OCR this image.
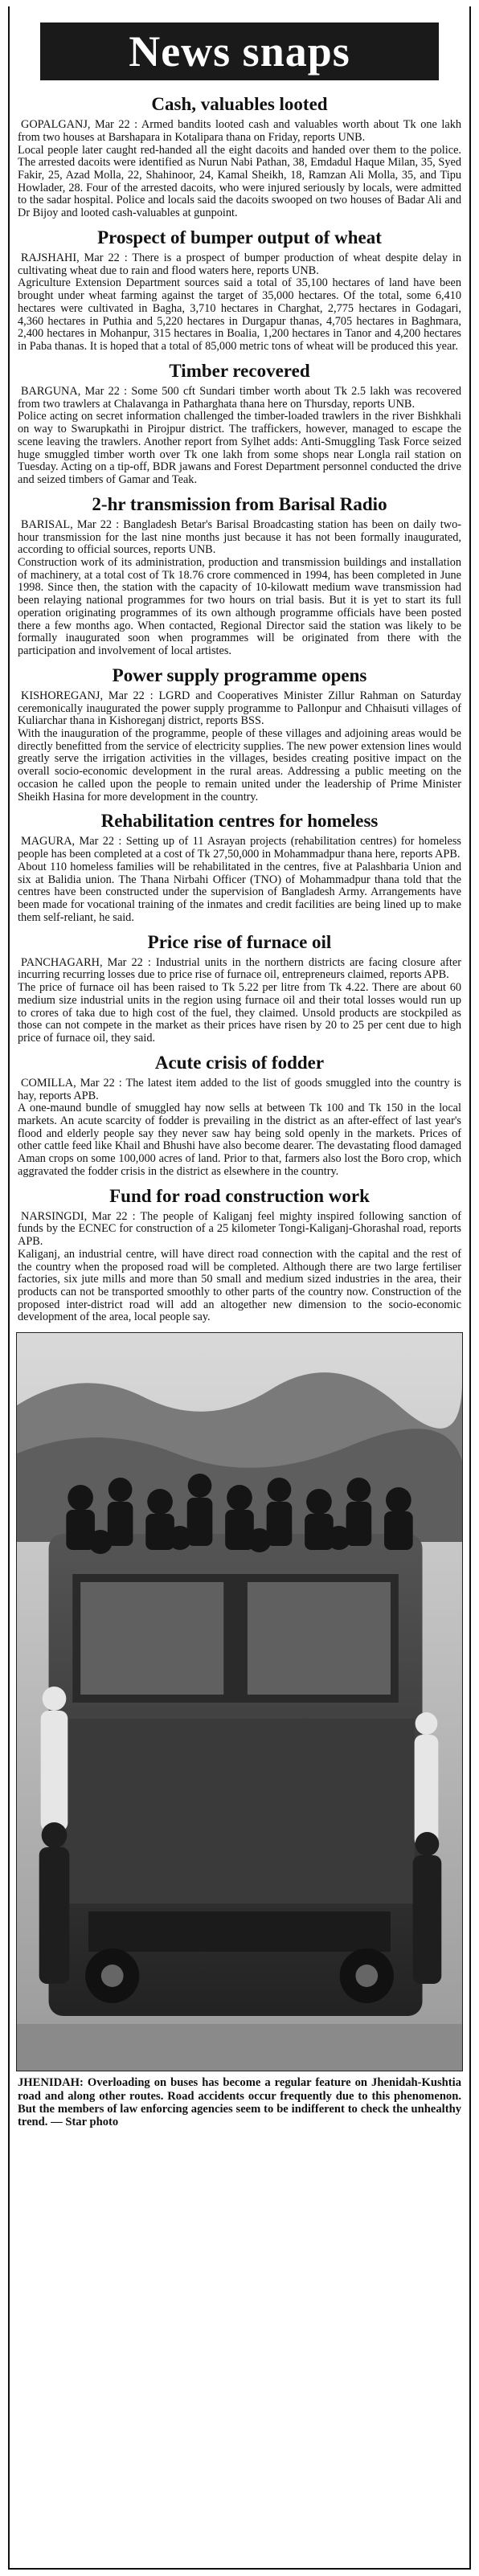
News snaps
Cash, valuables looted

GOPALGANJ, Mar 22 : Armed bandits looted cash and valuables worth about Tk one lakh from two houses at Barshapara in Kotalipara thana on Friday, reports UNB.

Local people later caught red-handed all the eight dacoits and handed over them to the police. The arrested dacoits were identified as Nurun Nabi Pathan, 38, Emdadul Haque Milan, 35, Syed Fakir, 25, Azad Molla, 22, Shahinoor, 24, Kamal Sheikh, 18, Ramzan Ali Molla, 35, and Tipu Howlader, 28. Four of the arrested dacoits, who were injured seriously by locals, were admitted to the sadar hospital. Police and locals said the dacoits swooped on two houses of Badar Ali and Dr Bijoy and looted cash-valuables at gunpoint.

Prospect of bumper output of wheat

RAJSHAHI, Mar 22 : There is a prospect of bumper production of wheat despite delay in cultivating wheat due to rain and flood waters here, reports UNB.

Agriculture Extension Department sources said a total of 35,100 hectares of land have been brought under wheat farming against the target of 35,000 hectares. Of the total, some 6,410 hectares were cultivated in Bagha, 3,710 hectares in Charghat, 2,775 hectares in Godagari, 4,360 hectares in Puthia and 5,220 hectares in Durgapur thanas, 4,705 hectares in Baghmara, 2,400 hectares in Mohanpur, 315 hectares in Boalia, 1,200 hectares in Tanor and 4,200 hectares in Paba thanas. It is hoped that a total of 85,000 metric tons of wheat will be produced this year.

Timber recovered

BARGUNA, Mar 22 : Some 500 cft Sundari timber worth about Tk 2.5 lakh was recovered from two trawlers at Chalavanga in Patharghata thana here on Thursday, reports UNB.

Police acting on secret information challenged the timber-loaded trawlers in the river Bishkhali on way to Swarupkathi in Pirojpur district. The traffickers, however, managed to escape the scene leaving the trawlers. Another report from Sylhet adds: Anti-Smuggling Task Force seized huge smuggled timber worth over Tk one lakh from some shops near Longla rail station on Tuesday. Acting on a tip-off, BDR jawans and Forest Department personnel conducted the drive and seized timbers of Gamar and Teak.

2-hr transmission from Barisal Radio

BARISAL, Mar 22 : Bangladesh Betar's Barisal Broadcasting station has been on daily two-hour transmission for the last nine months just because it has not been formally inaugurated, according to official sources, reports UNB.

Construction work of its administration, production and transmission buildings and installation of machinery, at a total cost of Tk 18.76 crore commenced in 1994, has been completed in June 1998. Since then, the station with the capacity of 10-kilowatt medium wave transmission had been relaying national programmes for two hours on trial basis. But it is yet to start its full operation originating programmes of its own although programme officials have been posted there a few months ago. When contacted, Regional Director said the station was likely to be formally inaugurated soon when programmes will be originated from there with the participation and involvement of local artistes.

Power supply programme opens

KISHOREGANJ, Mar 22 : LGRD and Cooperatives Minister Zillur Rahman on Saturday ceremonically inaugurated the power supply programme to Pallonpur and Chhaisuti villages of Kuliarchar thana in Kishoreganj district, reports BSS.

With the inauguration of the programme, people of these villages and adjoining areas would be directly benefitted from the service of electricity supplies. The new power extension lines would greatly serve the irrigation activities in the villages, besides creating positive impact on the overall socio-economic development in the rural areas. Addressing a public meeting on the occasion he called upon the people to remain united under the leadership of Prime Minister Sheikh Hasina for more development in the country.

Rehabilitation centres for homeless

MAGURA, Mar 22 : Setting up of 11 Asrayan projects (rehabilitation centres) for homeless people has been completed at a cost of Tk 27,50,000 in Mohammadpur thana here, reports APB.

About 110 homeless families will be rehabilitated in the centres, five at Palashbaria Union and six at Balidia union. The Thana Nirbahi Officer (TNO) of Mohammadpur thana told that the centres have been constructed under the supervision of Bangladesh Army. Arrangements have been made for vocational training of the inmates and credit facilities are being lined up to make them self-reliant, he said.

Price rise of furnace oil

PANCHAGARH, Mar 22 : Industrial units in the northern districts are facing closure after incurring recurring losses due to price rise of furnace oil, entrepreneurs claimed, reports APB.

The price of furnace oil has been raised to Tk 5.22 per litre from Tk 4.22. There are about 60 medium size industrial units in the region using furnace oil and their total losses would run up to crores of taka due to high cost of the fuel, they claimed. Unsold products are stockpiled as those can not compete in the market as their prices have risen by 20 to 25 per cent due to high price of furnace oil, they said.

Acute crisis of fodder

COMILLA, Mar 22 : The latest item added to the list of goods smuggled into the country is hay, reports APB.

A one-maund bundle of smuggled hay now sells at between Tk 100 and Tk 150 in the local markets. An acute scarcity of fodder is prevailing in the district as an after-effect of last year's flood and elderly people say they never saw hay being sold openly in the markets. Prices of other cattle feed like Khail and Bhushi have also become dearer. The devastating flood damaged Aman crops on some 100,000 acres of land. Prior to that, farmers also lost the Boro crop, which aggravated the fodder crisis in the district as elsewhere in the country.

Fund for road construction work

NARSINGDI, Mar 22 : The people of Kaliganj feel mighty inspired following sanction of funds by the ECNEC for construction of a 25 kilometer Tongi-Kaliganj-Ghorashal road, reports APB.

Kaliganj, an industrial centre, will have direct road connection with the capital and the rest of the country when the proposed road will be completed. Although there are two large fertiliser factories, six jute mills and more than 50 small and medium sized industries in the area, their products can not be transported smoothly to other parts of the country now. Construction of the proposed inter-district road will add an altogether new dimension to the socio-economic development of the area, local people say.

JHENIDAH: Overloading on buses has become a regular feature on Jhenidah-Kushtia road and along other routes. Road accidents occur frequently due to this phenomenon. But the members of law enforcing agencies seem to be indifferent to check the unhealthy trend. — Star photo
